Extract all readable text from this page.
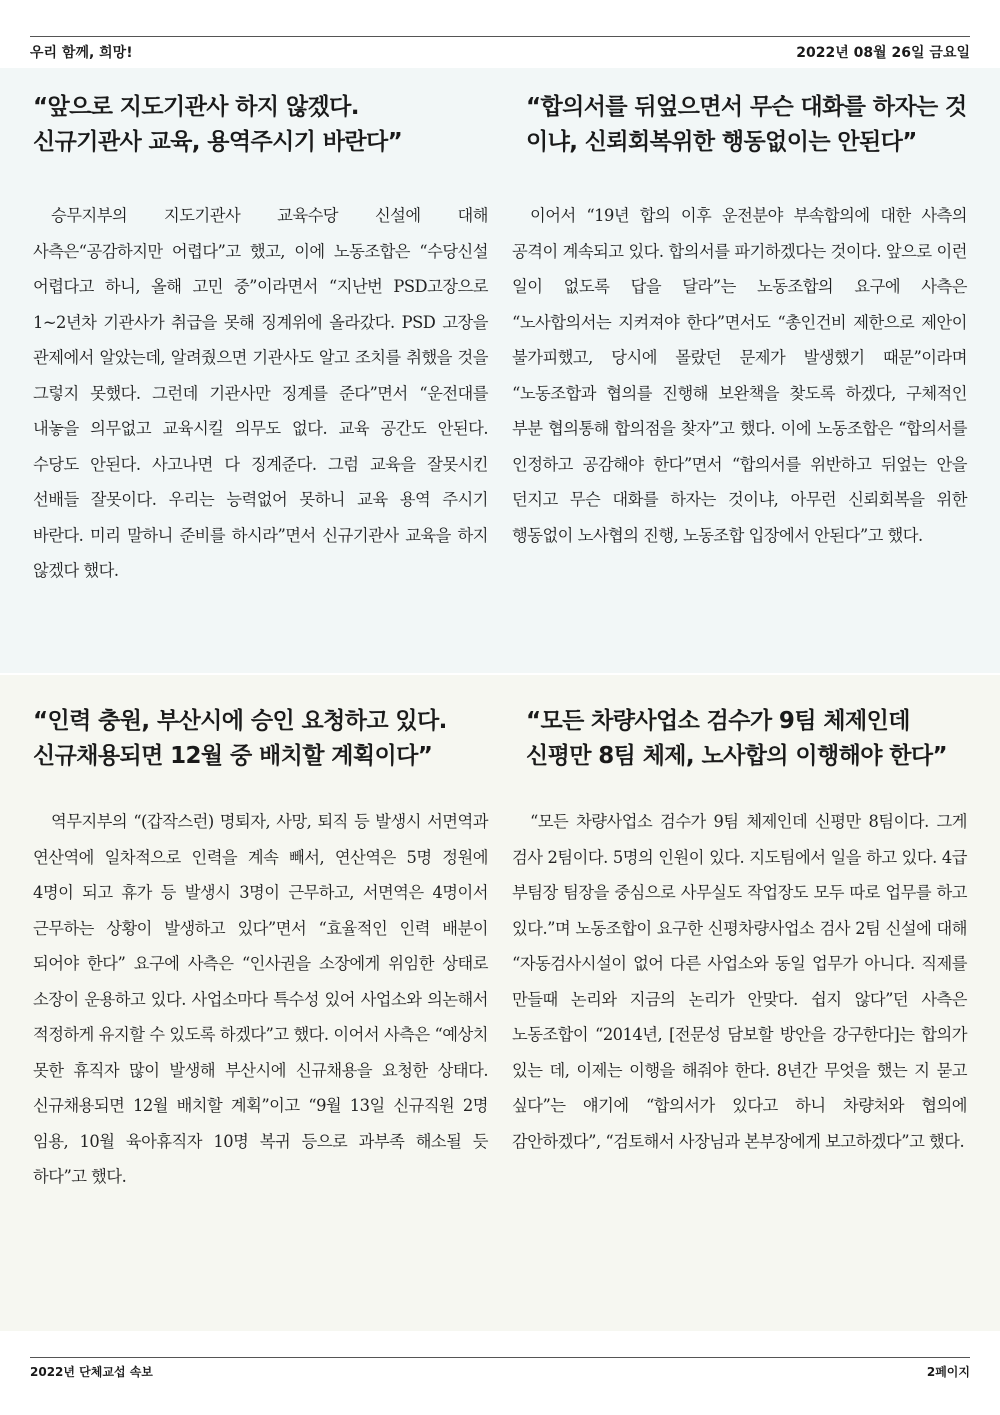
우리 함께, 희망!	2022년 08월 26일 금요일
“앞으로 지도기관사 하지 않겠다.
신규기관사 교육, 용역주시기 바란다”

승무지부의 지도기관사 교육수당 신설에 대해 사측은“공감하지만 어렵다”고 했고, 이에 노동조합은 “수당신설 어렵다고 하니, 올해 고민 중”이라면서 “지난번 PSD고장으로 1~2년차 기관사가 취급을 못해 징계위에 올라갔다. PSD 고장을 관제에서 알았는데, 알려줬으면 기관사도 알고 조치를 취했을 것을 그렇지 못했다. 그런데 기관사만 징계를 준다”면서 “운전대를 내놓을 의무없고 교육시킬 의무도 없다. 교육 공간도 안된다. 수당도 안된다. 사고나면 다 징계준다. 그럼 교육을 잘못시킨 선배들 잘못이다. 우리는 능력없어 못하니 교육 용역 주시기 바란다. 미리 말하니 준비를 하시라”면서 신규기관사 교육을 하지 않겠다 했다.

“합의서를 뒤엎으면서 무슨 대화를 하자는 것
이냐, 신뢰회복위한 행동없이는 안된다”

이어서 “19년 합의 이후 운전분야 부속합의에 대한 사측의 공격이 계속되고 있다. 합의서를 파기하겠다는 것이다. 앞으로 이런 일이 없도록 답을 달라”는 노동조합의 요구에 사측은 “노사합의서는 지켜져야 한다”면서도 “총인건비 제한으로 제안이 불가피했고, 당시에 몰랐던 문제가 발생했기 때문”이라며 “노동조합과 협의를 진행해 보완책을 찾도록 하겠다, 구체적인 부분 협의통해 합의점을 찾자”고 했다. 이에 노동조합은 “합의서를 인정하고 공감해야 한다”면서 “합의서를 위반하고 뒤엎는 안을 던지고 무슨 대화를 하자는 것이냐, 아무런 신뢰회복을 위한 행동없이 노사협의 진행, 노동조합 입장에서 안된다”고 했다.

“인력 충원, 부산시에 승인 요청하고 있다.
신규채용되면 12월 중 배치할 계획이다”

역무지부의 “(갑작스런) 명퇴자, 사망, 퇴직 등 발생시 서면역과 연산역에 일차적으로 인력을 계속 빼서, 연산역은 5명 정원에 4명이 되고 휴가 등 발생시 3명이 근무하고, 서면역은 4명이서 근무하는 상황이 발생하고 있다”면서 “효율적인 인력 배분이 되어야 한다” 요구에 사측은 “인사권을 소장에게 위임한 상태로 소장이 운용하고 있다. 사업소마다 특수성 있어 사업소와 의논해서 적정하게 유지할 수 있도록 하겠다”고 했다. 이어서 사측은 “예상치 못한 휴직자 많이 발생해 부산시에 신규채용을 요청한 상태다. 신규채용되면 12월 배치할 계획”이고 “9월 13일 신규직원 2명 임용, 10월 육아휴직자 10명 복귀 등으로 과부족 해소될 듯 하다”고 했다.

“모든 차량사업소 검수가 9팀 체제인데
신평만 8팀 체제, 노사합의 이행해야 한다”

“모든 차량사업소 검수가 9팀 체제인데 신평만 8팀이다. 그게 검사 2팀이다. 5명의 인원이 있다. 지도팀에서 일을 하고 있다. 4급 부팀장 팀장을 중심으로 사무실도 작업장도 모두 따로 업무를 하고 있다.”며 노동조합이 요구한 신평차량사업소 검사 2팀 신설에 대해 “자동검사시설이 없어 다른 사업소와 동일 업무가 아니다. 직제를 만들때 논리와 지금의 논리가 안맞다. 쉽지 않다”던 사측은 노동조합이 “2014년, [전문성 담보할 방안을 강구한다]는 합의가 있는 데, 이제는 이행을 해줘야 한다. 8년간 무엇을 했는 지 묻고 싶다”는 얘기에 “합의서가 있다고 하니 차량처와 협의에 감안하겠다”, “검토해서 사장님과 본부장에게 보고하겠다”고 했다.

2022년 단체교섭 속보	2페이지
